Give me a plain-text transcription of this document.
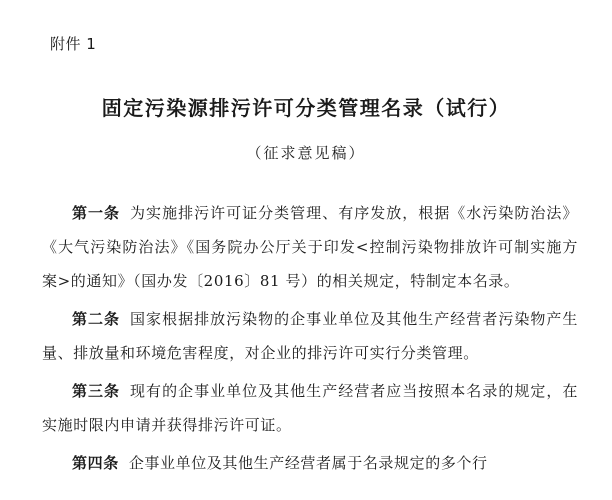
附件 1
固定污染源排污许可分类管理名录（试行）
（征求意见稿）

第一条 为实施排污许可证分类管理、有序发放，根据《水污染防治法》《大气污染防治法》《国务院办公厅关于印发<控制污染物排放许可制实施方案>的通知》（国办发〔2016〕81 号）的相关规定，特制定本名录。

第二条 国家根据排放污染物的企事业单位及其他生产经营者污染物产生量、排放量和环境危害程度，对企业的排污许可实行分类管理。

第三条 现有的企事业单位及其他生产经营者应当按照本名录的规定，在实施时限内申请并获得排污许可证。

第四条 企事业单位及其他生产经营者属于名录规定的多个行
